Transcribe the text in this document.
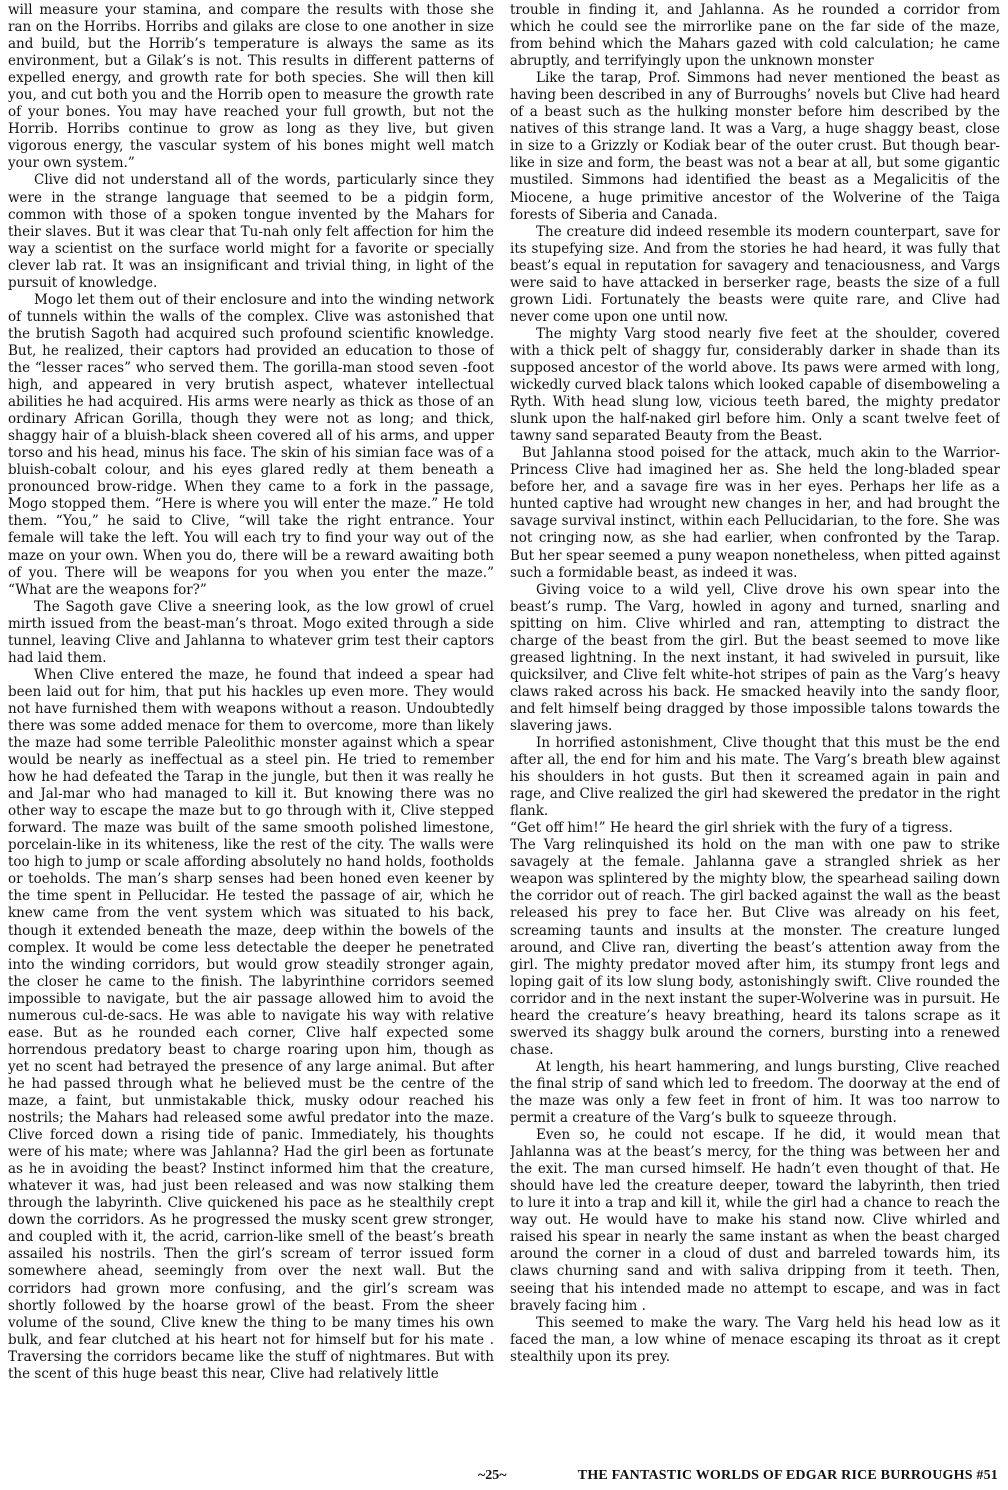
will measure your stamina, and compare the results with those she ran on the Horribs. Horribs and gilaks are close to one another in size and build, but the Horrib’s temperature is always the same as its environment, but a Gilak’s is not. This results in different patterns of expelled energy, and growth rate for both species. She will then kill you, and cut both you and the Horrib open to measure the growth rate of your bones. You may have reached your full growth, but not the Horrib. Horribs continue to grow as long as they live, but given vigorous energy, the vascular system of his bones might well match your own system.”

Clive did not understand all of the words, particularly since they were in the strange language that seemed to be a pidgin form, common with those of a spoken tongue invented by the Mahars for their slaves. But it was clear that Tu-nah only felt affection for him the way a scientist on the surface world might for a favorite or specially clever lab rat. It was an insignificant and trivial thing, in light of the pursuit of knowledge.

Mogo let them out of their enclosure and into the winding network of tunnels within the walls of the complex. Clive was astonished that the brutish Sagoth had acquired such profound scientific knowledge. But, he realized, their captors had provided an education to those of the “lesser races” who served them. The gorilla-man stood seven -foot high, and appeared in very brutish aspect, whatever intellectual abilities he had acquired. His arms were nearly as thick as those of an ordinary African Gorilla, though they were not as long; and thick, shaggy hair of a bluish-black sheen covered all of his arms, and upper torso and his head, minus his face. The skin of his simian face was of a bluish-cobalt colour, and his eyes glared redly at them beneath a pronounced brow-ridge. When they came to a fork in the passage, Mogo stopped them. “Here is where you will enter the maze.” He told them. “You,” he said to Clive, “will take the right entrance. Your female will take the left. You will each try to find your way out of the maze on your own. When you do, there will be a reward awaiting both of you. There will be weapons for you when you enter the maze.” “What are the weapons for?”

The Sagoth gave Clive a sneering look, as the low growl of cruel mirth issued from the beast-man’s throat. Mogo exited through a side tunnel, leaving Clive and Jahlanna to whatever grim test their captors had laid them.

When Clive entered the maze, he found that indeed a spear had been laid out for him, that put his hackles up even more. They would not have furnished them with weapons without a reason. Undoubtedly there was some added menace for them to overcome, more than likely the maze had some terrible Paleolithic monster against which a spear would be nearly as ineffectual as a steel pin. He tried to remember how he had defeated the Tarap in the jungle, but then it was really he and Jal-mar who had managed to kill it. But knowing there was no other way to escape the maze but to go through with it, Clive stepped forward. The maze was built of the same smooth polished limestone, porcelain-like in its whiteness, like the rest of the city. The walls were too high to jump or scale affording absolutely no hand holds, footholds or toeholds. The man’s sharp senses had been honed even keener by the time spent in Pellucidar. He tested the passage of air, which he knew came from the vent system which was situated to his back, though it extended beneath the maze, deep within the bowels of the complex. It would be come less detectable the deeper he penetrated into the winding corridors, but would grow steadily stronger again, the closer he came to the finish. The labyrinthine corridors seemed impossible to navigate, but the air passage allowed him to avoid the numerous cul-de-sacs. He was able to navigate his way with relative ease. But as he rounded each corner, Clive half expected some horrendous predatory beast to charge roaring upon him, though as yet no scent had betrayed the presence of any large animal. But after he had passed through what he believed must be the centre of the maze, a faint, but unmistakable thick, musky odour reached his nostrils; the Mahars had released some awful predator into the maze. Clive forced down a rising tide of panic. Immediately, his thoughts were of his mate; where was Jahlanna? Had the girl been as fortunate as he in avoiding the beast? Instinct informed him that the creature, whatever it was, had just been released and was now stalking them through the labyrinth. Clive quickened his pace as he stealthily crept down the corridors. As he progressed the musky scent grew stronger, and coupled with it, the acrid, carrion-like smell of the beast’s breath assailed his nostrils. Then the girl’s scream of terror issued form somewhere ahead, seemingly from over the next wall. But the corridors had grown more confusing, and the girl’s scream was shortly followed by the hoarse growl of the beast. From the sheer volume of the sound, Clive knew the thing to be many times his own bulk, and fear clutched at his heart not for himself but for his mate . Traversing the corridors became like the stuff of nightmares. But with the scent of this huge beast this near, Clive had relatively little

trouble in finding it, and Jahlanna. As he rounded a corridor from which he could see the mirrorlike pane on the far side of the maze, from behind which the Mahars gazed with cold calculation; he came abruptly, and terrifyingly upon the unknown monster

Like the tarap, Prof. Simmons had never mentioned the beast as having been described in any of Burroughs’ novels but Clive had heard of a beast such as the hulking monster before him described by the natives of this strange land. It was a Varg, a huge shaggy beast, close in size to a Grizzly or Kodiak bear of the outer crust. But though bear-like in size and form, the beast was not a bear at all, but some gigantic mustiled. Simmons had identified the beast as a Megalicitis of the Miocene, a huge primitive ancestor of the Wolverine of the Taiga forests of Siberia and Canada.

The creature did indeed resemble its modern counterpart, save for its stupefying size. And from the stories he had heard, it was fully that beast’s equal in reputation for savagery and tenaciousness, and Vargs were said to have attacked in berserker rage, beasts the size of a full grown Lidi. Fortunately the beasts were quite rare, and Clive had never come upon one until now.

The mighty Varg stood nearly five feet at the shoulder, covered with a thick pelt of shaggy fur, considerably darker in shade than its supposed ancestor of the world above. Its paws were armed with long, wickedly curved black talons which looked capable of disemboweling a Ryth. With head slung low, vicious teeth bared, the mighty predator slunk upon the half-naked girl before him. Only a scant twelve feet of tawny sand separated Beauty from the Beast.

But Jahlanna stood poised for the attack, much akin to the Warrior-Princess Clive had imagined her as. She held the long-bladed spear before her, and a savage fire was in her eyes. Perhaps her life as a hunted captive had wrought new changes in her, and had brought the savage survival instinct, within each Pellucidarian, to the fore. She was not cringing now, as she had earlier, when confronted by the Tarap. But her spear seemed a puny weapon nonetheless, when pitted against such a formidable beast, as indeed it was.

Giving voice to a wild yell, Clive drove his own spear into the beast’s rump. The Varg, howled in agony and turned, snarling and spitting on him. Clive whirled and ran, attempting to distract the charge of the beast from the girl. But the beast seemed to move like greased lightning. In the next instant, it had swiveled in pursuit, like quicksilver, and Clive felt white-hot stripes of pain as the Varg’s heavy claws raked across his back. He smacked heavily into the sandy floor, and felt himself being dragged by those impossible talons towards the slavering jaws.

In horrified astonishment, Clive thought that this must be the end after all, the end for him and his mate. The Varg’s breath blew against his shoulders in hot gusts. But then it screamed again in pain and rage, and Clive realized the girl had skewered the predator in the right flank.

“Get off him!” He heard the girl shriek with the fury of a tigress.

The Varg relinquished its hold on the man with one paw to strike savagely at the female. Jahlanna gave a strangled shriek as her weapon was splintered by the mighty blow, the spearhead sailing down the corridor out of reach. The girl backed against the wall as the beast released his prey to face her. But Clive was already on his feet, screaming taunts and insults at the monster. The creature lunged around, and Clive ran, diverting the beast’s attention away from the girl. The mighty predator moved after him, its stumpy front legs and loping gait of its low slung body, astonishingly swift. Clive rounded the corridor and in the next instant the super-Wolverine was in pursuit. He heard the creature’s heavy breathing, heard its talons scrape as it swerved its shaggy bulk around the corners, bursting into a renewed chase.

At length, his heart hammering, and lungs bursting, Clive reached the final strip of sand which led to freedom. The doorway at the end of the maze was only a few feet in front of him. It was too narrow to permit a creature of the Varg’s bulk to squeeze through.

Even so, he could not escape. If he did, it would mean that Jahlanna was at the beast’s mercy, for the thing was between her and the exit. The man cursed himself. He hadn’t even thought of that. He should have led the creature deeper, toward the labyrinth, then tried to lure it into a trap and kill it, while the girl had a chance to reach the way out. He would have to make his stand now. Clive whirled and raised his spear in nearly the same instant as when the beast charged around the corner in a cloud of dust and barreled towards him, its claws churning sand and with saliva dripping from it teeth. Then, seeing that his intended made no attempt to escape, and was in fact bravely facing him .

This seemed to make the wary. The Varg held his head low as it faced the man, a low whine of menace escaping its throat as it crept stealthily upon its prey.

~25~	THE FANTASTIC WORLDS OF EDGAR RICE BURROUGHS #51
